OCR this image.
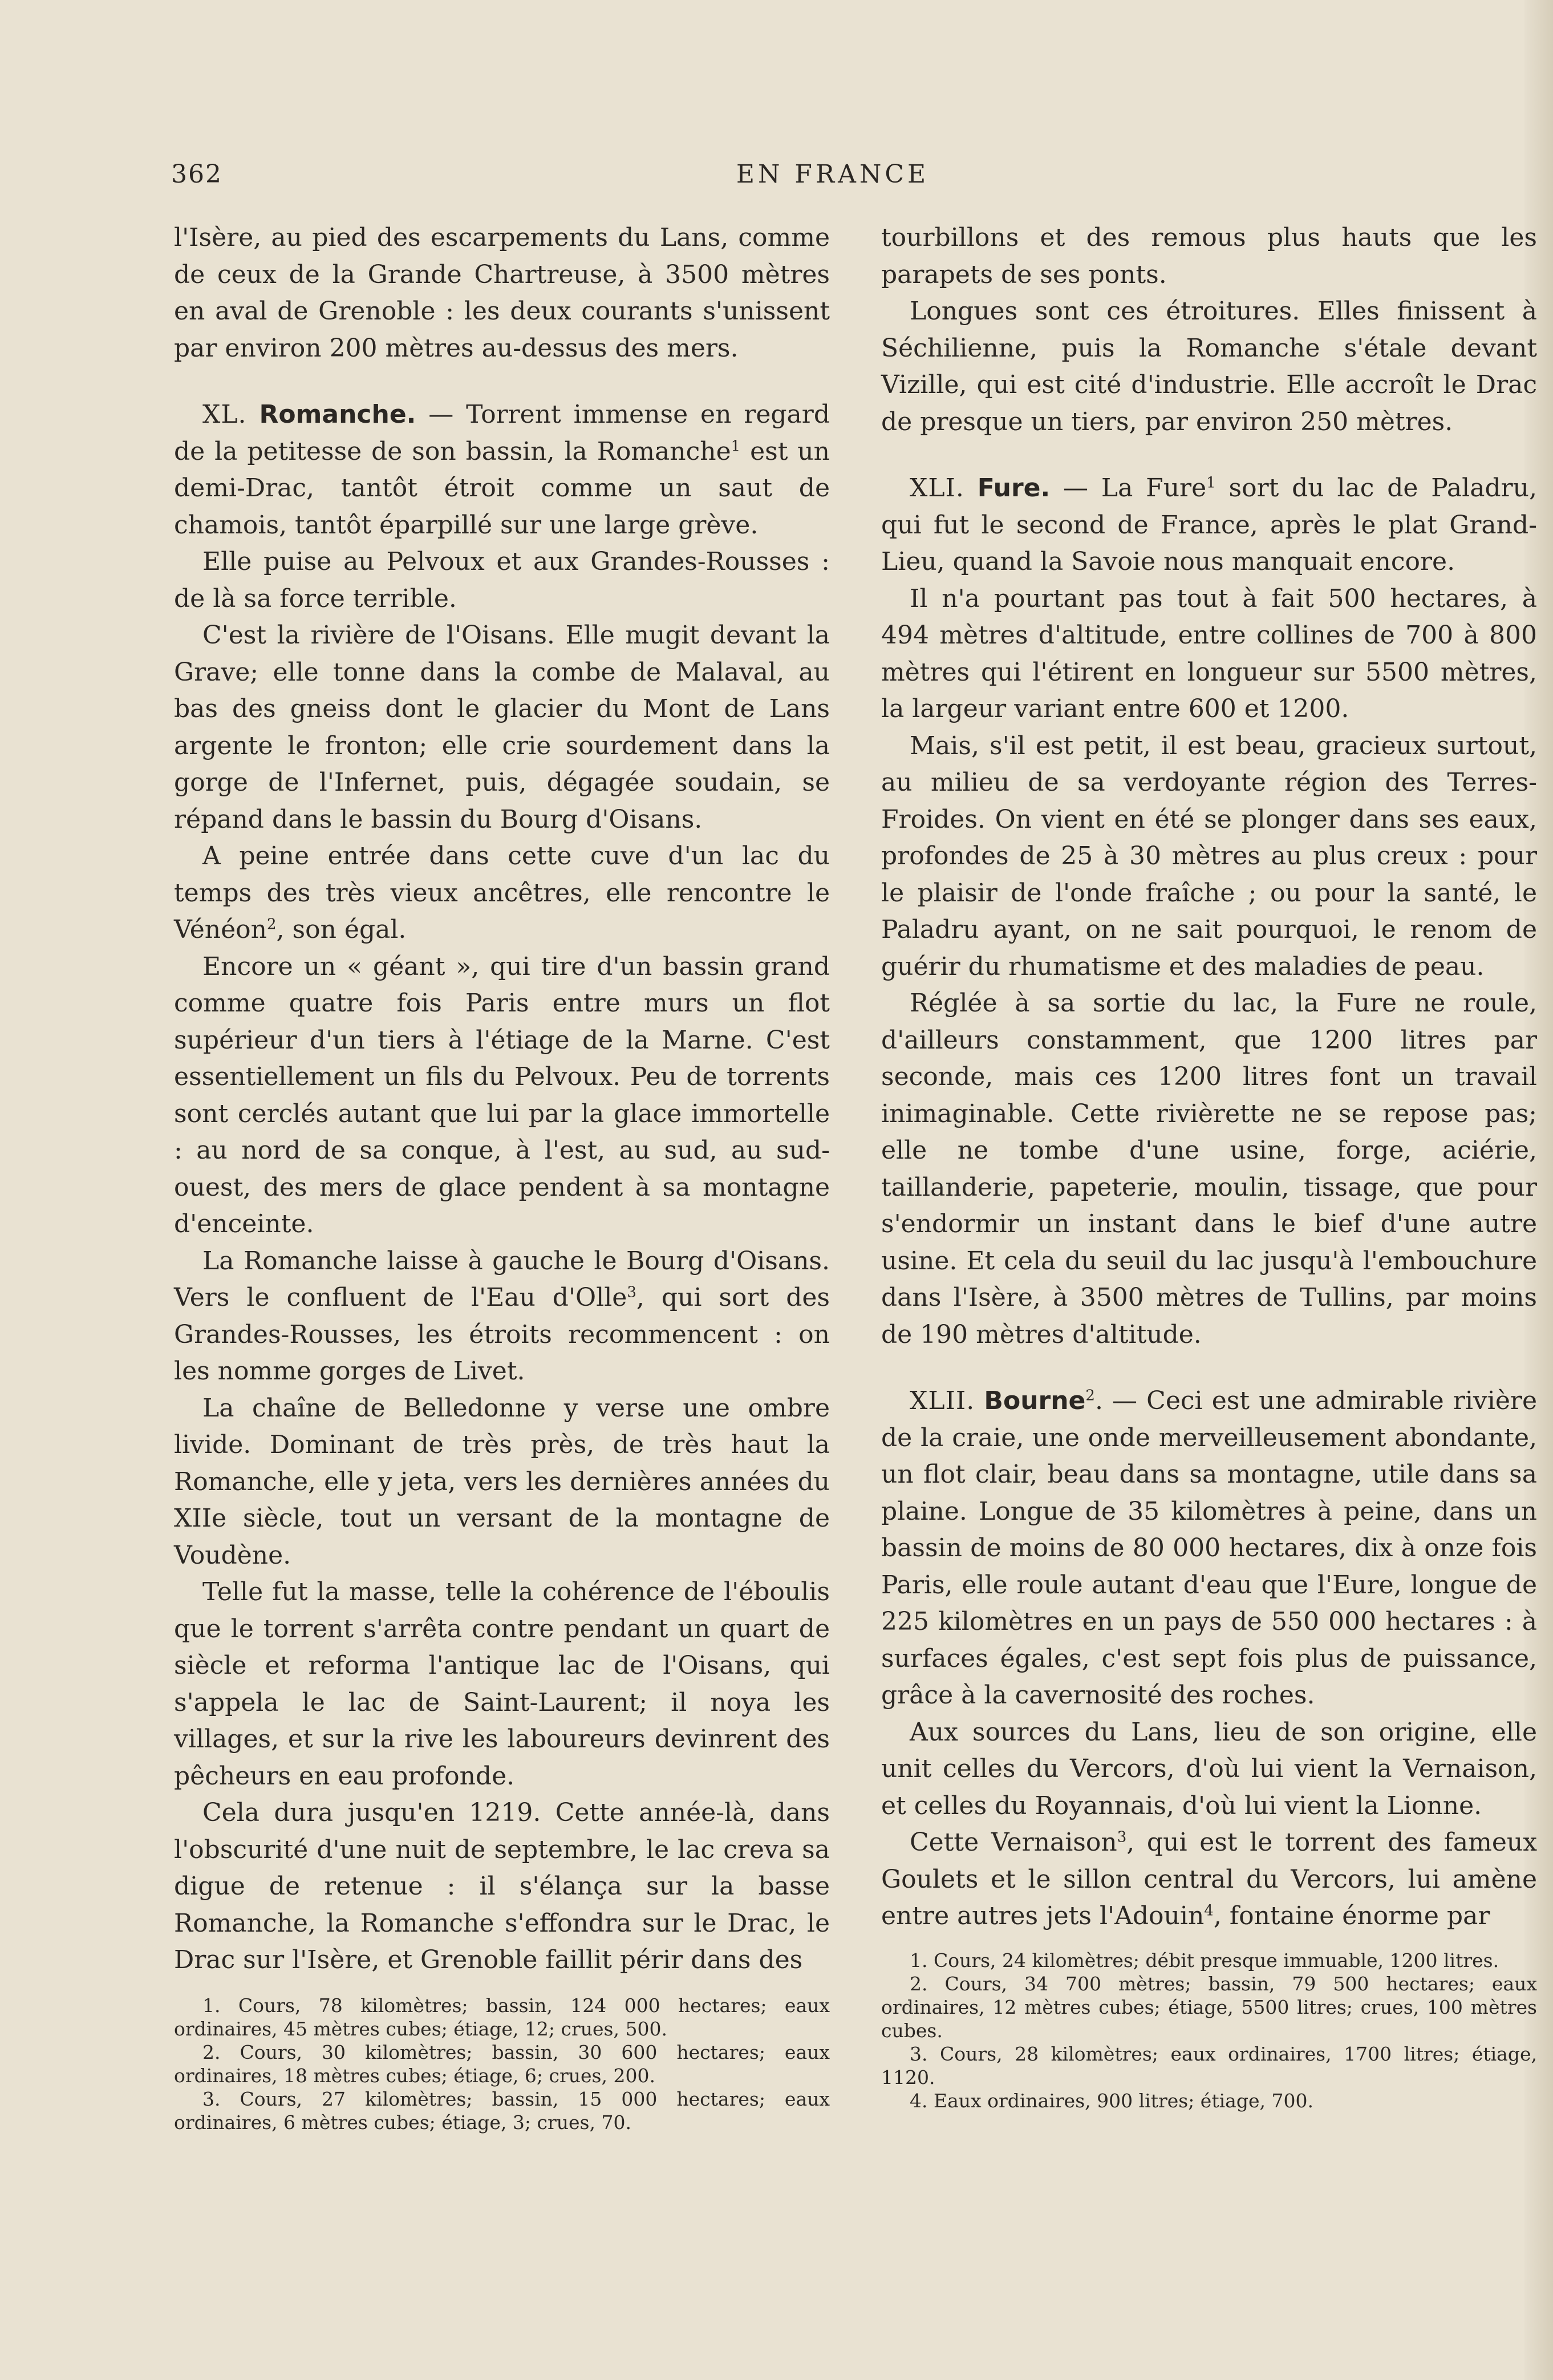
362	EN FRANCE

l'Isère, au pied des escarpements du Lans, comme de ceux de la Grande Chartreuse, à 3500 mètres en aval de Grenoble : les deux courants s'unissent par environ 200 mètres au-dessus des mers.

XL. Romanche. — Torrent immense en regard de la petitesse de son bassin, la Romanche$^1$ est un demi-Drac, tantôt étroit comme un saut de chamois, tantôt éparpillé sur une large grève.

Elle puise au Pelvoux et aux Grandes-Rousses : de là sa force terrible.

C'est la rivière de l'Oisans. Elle mugit devant la Grave; elle tonne dans la combe de Malaval, au bas des gneiss dont le glacier du Mont de Lans argente le fronton; elle crie sourdement dans la gorge de l'Infernet, puis, dégagée soudain, se répand dans le bassin du Bourg d'Oisans.

A peine entrée dans cette cuve d'un lac du temps des très vieux ancêtres, elle rencontre le Vénéon$^2$, son égal.

Encore un « géant », qui tire d'un bassin grand comme quatre fois Paris entre murs un flot supérieur d'un tiers à l'étiage de la Marne. C'est essentiellement un fils du Pelvoux. Peu de torrents sont cerclés autant que lui par la glace immortelle : au nord de sa conque, à l'est, au sud, au sud-ouest, des mers de glace pendent à sa montagne d'enceinte.

La Romanche laisse à gauche le Bourg d'Oisans. Vers le confluent de l'Eau d'Olle$^3$, qui sort des Grandes-Rousses, les étroits recommencent : on les nomme gorges de Livet.

La chaîne de Belledonne y verse une ombre livide. Dominant de très près, de très haut la Romanche, elle y jeta, vers les dernières années du XIIe siècle, tout un versant de la montagne de Voudène.

Telle fut la masse, telle la cohérence de l'éboulis que le torrent s'arrêta contre pendant un quart de siècle et reforma l'antique lac de l'Oisans, qui s'appela le lac de Saint-Laurent; il noya les villages, et sur la rive les laboureurs devinrent des pêcheurs en eau profonde.

Cela dura jusqu'en 1219. Cette année-là, dans l'obscurité d'une nuit de septembre, le lac creva sa digue de retenue : il s'élança sur la basse Romanche, la Romanche s'effondra sur le Drac, le Drac sur l'Isère, et Grenoble faillit périr dans des

1. Cours, 78 kilomètres; bassin, 124 000 hectares; eaux ordinaires, 45 mètres cubes; étiage, 12; crues, 500.

2. Cours, 30 kilomètres; bassin, 30 600 hectares; eaux ordinaires, 18 mètres cubes; étiage, 6; crues, 200.

3. Cours, 27 kilomètres; bassin, 15 000 hectares; eaux ordinaires, 6 mètres cubes; étiage, 3; crues, 70.

tourbillons et des remous plus hauts que les parapets de ses ponts.

Longues sont ces étroitures. Elles finissent à Séchilienne, puis la Romanche s'étale devant Vizille, qui est cité d'industrie. Elle accroît le Drac de presque un tiers, par environ 250 mètres.

XLI. Fure. — La Fure$^1$ sort du lac de Paladru, qui fut le second de France, après le plat Grand-Lieu, quand la Savoie nous manquait encore.

Il n'a pourtant pas tout à fait 500 hectares, à 494 mètres d'altitude, entre collines de 700 à 800 mètres qui l'étirent en longueur sur 5500 mètres, la largeur variant entre 600 et 1200.

Mais, s'il est petit, il est beau, gracieux surtout, au milieu de sa verdoyante région des Terres-Froides. On vient en été se plonger dans ses eaux, profondes de 25 à 30 mètres au plus creux : pour le plaisir de l'onde fraîche ; ou pour la santé, le Paladru ayant, on ne sait pourquoi, le renom de guérir du rhumatisme et des maladies de peau.

Réglée à sa sortie du lac, la Fure ne roule, d'ailleurs constamment, que 1200 litres par seconde, mais ces 1200 litres font un travail inimaginable. Cette rivièrette ne se repose pas; elle ne tombe d'une usine, forge, aciérie, taillanderie, papeterie, moulin, tissage, que pour s'endormir un instant dans le bief d'une autre usine. Et cela du seuil du lac jusqu'à l'embouchure dans l'Isère, à 3500 mètres de Tullins, par moins de 190 mètres d'altitude.

XLII. Bourne$^2$. — Ceci est une admirable rivière de la craie, une onde merveilleusement abondante, un flot clair, beau dans sa montagne, utile dans sa plaine. Longue de 35 kilomètres à peine, dans un bassin de moins de 80 000 hectares, dix à onze fois Paris, elle roule autant d'eau que l'Eure, longue de 225 kilomètres en un pays de 550 000 hectares : à surfaces égales, c'est sept fois plus de puissance, grâce à la cavernosité des roches.

Aux sources du Lans, lieu de son origine, elle unit celles du Vercors, d'où lui vient la Vernaison, et celles du Royannais, d'où lui vient la Lionne.

Cette Vernaison$^3$, qui est le torrent des fameux Goulets et le sillon central du Vercors, lui amène entre autres jets l'Adouin$^4$, fontaine énorme par

1. Cours, 24 kilomètres; débit presque immuable, 1200 litres.

2. Cours, 34 700 mètres; bassin, 79 500 hectares; eaux ordinaires, 12 mètres cubes; étiage, 5500 litres; crues, 100 mètres cubes.

3. Cours, 28 kilomètres; eaux ordinaires, 1700 litres; étiage, 1120.

4. Eaux ordinaires, 900 litres; étiage, 700.
